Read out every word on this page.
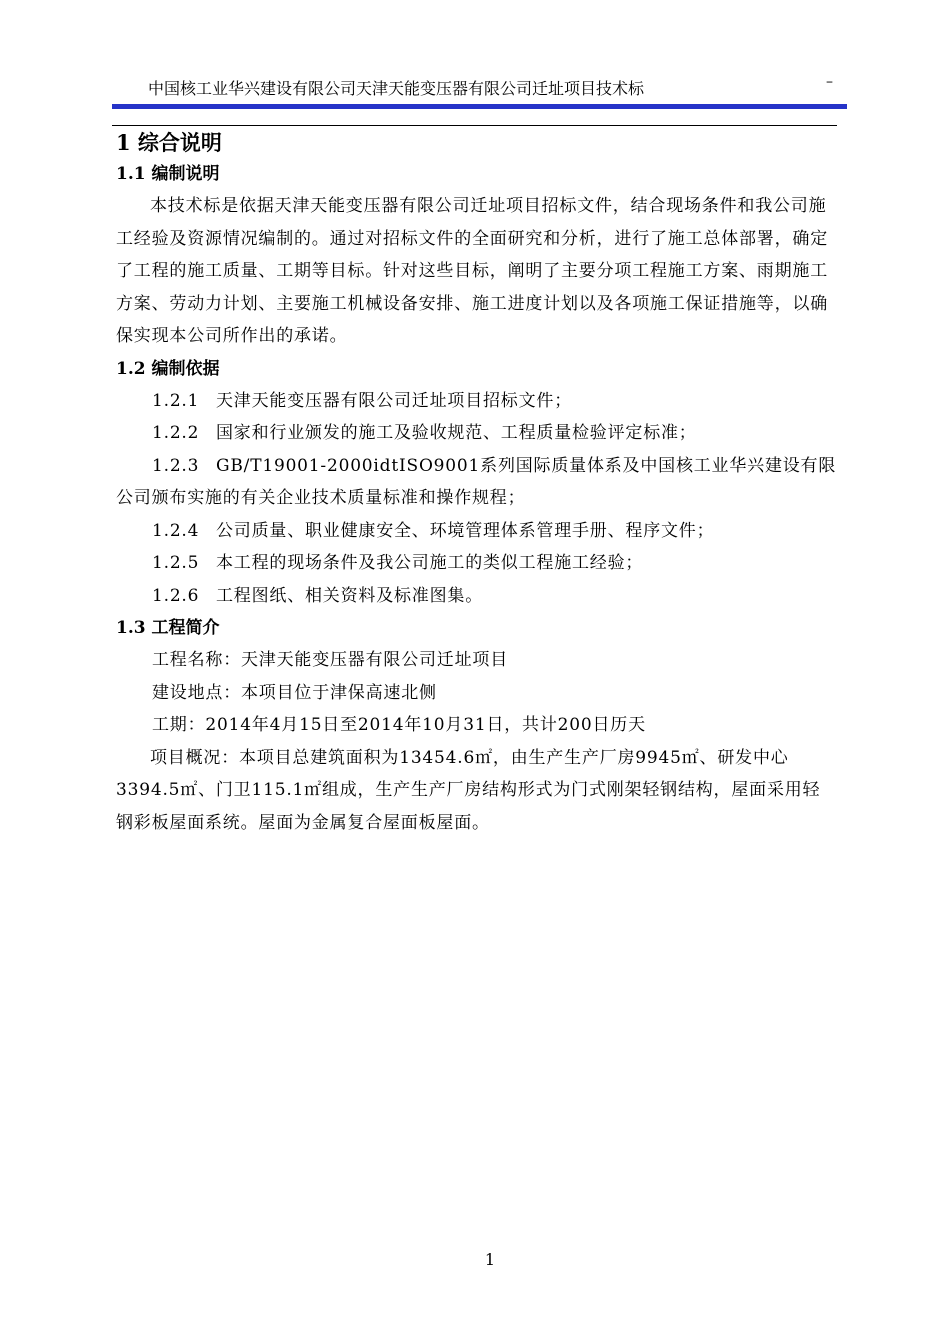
中国核工业华兴建设有限公司天津天能变压器有限公司迁址项目技术标	–
1 综合说明
1.1 编制说明
本技术标是依据天津天能变压器有限公司迁址项目招标文件，结合现场条件和我公司施工经验及资源情况编制的。通过对招标文件的全面研究和分析，进行了施工总体部署，确定了工程的施工质量、工期等目标。针对这些目标，阐明了主要分项工程施工方案、雨期施工方案、劳动力计划、主要施工机械设备安排、施工进度计划以及各项施工保证措施等，以确保实现本公司所作出的承诺。
1.2 编制依据
1.2.1 天津天能变压器有限公司迁址项目招标文件；
1.2.2 国家和行业颁发的施工及验收规范、工程质量检验评定标准；
1.2.3 GB/T19001-2000idtISO9001系列国际质量体系及中国核工业华兴建设有限公司颁布实施的有关企业技术质量标准和操作规程；
1.2.4 公司质量、职业健康安全、环境管理体系管理手册、程序文件；
1.2.5 本工程的现场条件及我公司施工的类似工程施工经验；
1.2.6 工程图纸、相关资料及标准图集。
1.3 工程简介
工程名称：天津天能变压器有限公司迁址项目
建设地点：本项目位于津保高速北侧
工期：2014年4月15日至2014年10月31日，共计200日历天
项目概况：本项目总建筑面积为13454.6㎡，由生产生产厂房9945㎡、研发中心3394.5㎡、门卫115.1㎡组成，生产生产厂房结构形式为门式刚架轻钢结构，屋面采用轻钢彩板屋面系统。屋面为金属复合屋面板屋面。
1
